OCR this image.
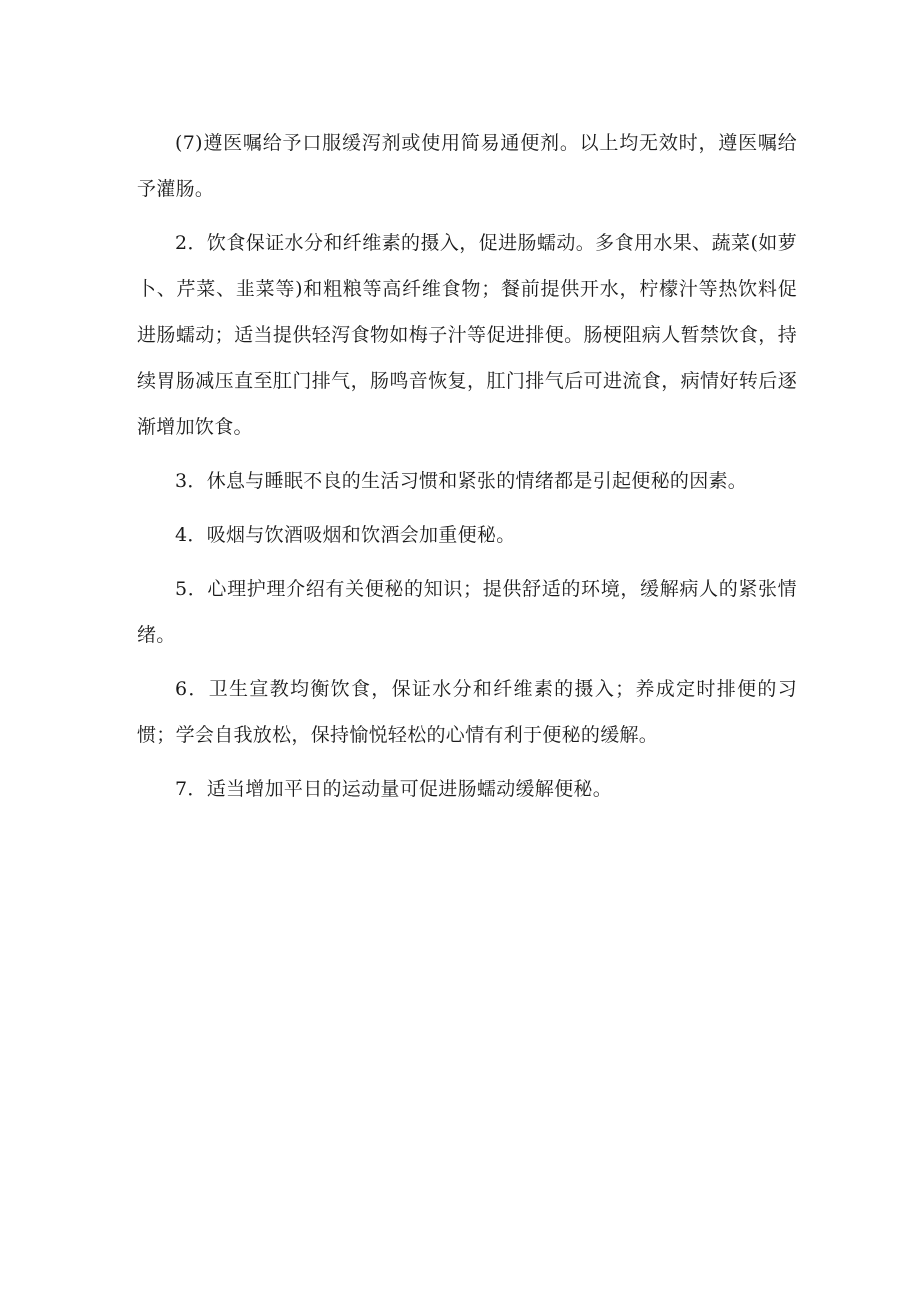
(7)遵医嘱给予口服缓泻剂或使用简易通便剂。以上均无效时，遵医嘱给予灌肠。

2．饮食保证水分和纤维素的摄入，促进肠蠕动。多食用水果、蔬菜(如萝卜、芹菜、韭菜等)和粗粮等高纤维食物；餐前提供开水，柠檬汁等热饮料促进肠蠕动；适当提供轻泻食物如梅子汁等促进排便。肠梗阻病人暂禁饮食，持续胃肠减压直至肛门排气，肠鸣音恢复，肛门排气后可进流食，病情好转后逐渐增加饮食。

3．休息与睡眠不良的生活习惯和紧张的情绪都是引起便秘的因素。

4．吸烟与饮酒吸烟和饮酒会加重便秘。

5．心理护理介绍有关便秘的知识；提供舒适的环境，缓解病人的紧张情绪。

6．卫生宣教均衡饮食，保证水分和纤维素的摄入；养成定时排便的习惯；学会自我放松，保持愉悦轻松的心情有利于便秘的缓解。

7．适当增加平日的运动量可促进肠蠕动缓解便秘。
